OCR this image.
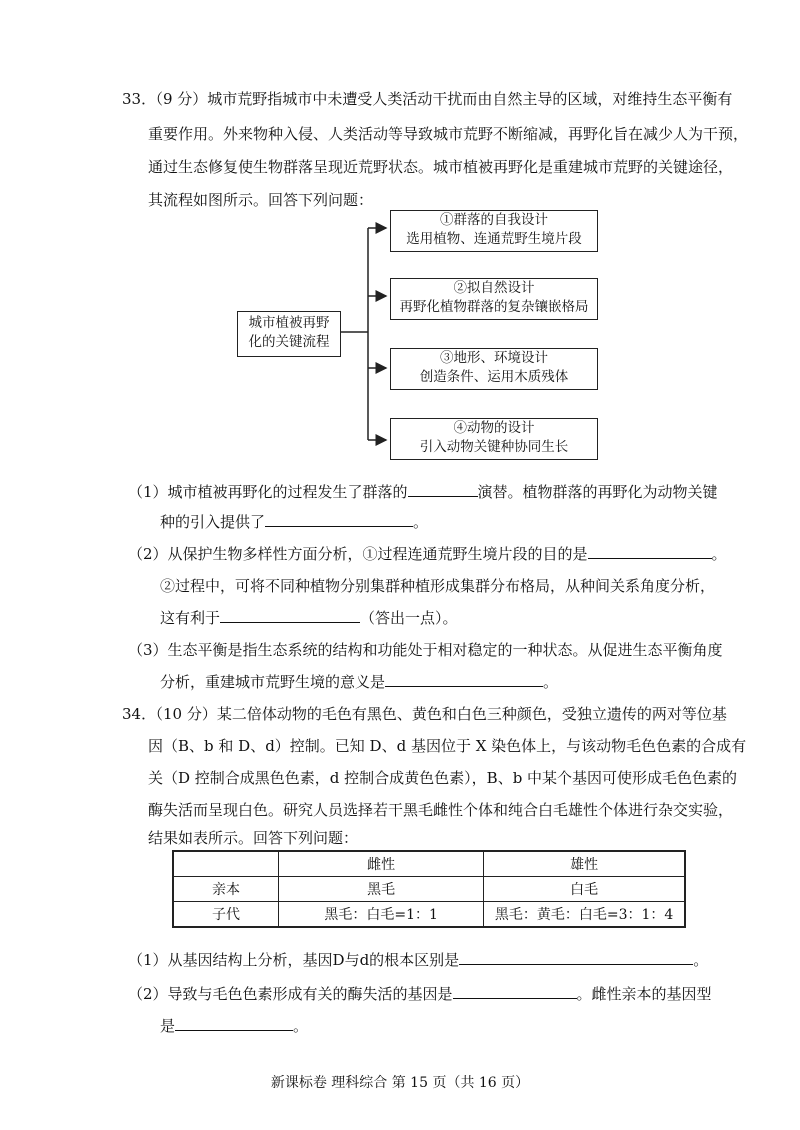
33．
（9 分）城市荒野指城市中未遭受人类活动干扰而由自然主导的区域，对维持生态平衡有
重要作用。外来物种入侵、人类活动等导致城市荒野不断缩减，再野化旨在减少人为干预，
通过生态修复使生物群落呈现近荒野状态。城市植被再野化是重建城市荒野的关键途径，
其流程如图所示。回答下列问题：
城市植被再野
化的关键流程
①群落的自我设计
选用植物、连通荒野生境片段
②拟自然设计
再野化植物群落的复杂镶嵌格局
③地形、环境设计
创造条件、运用木质残体
④动物的设计
引入动物关键种协同生长
（1）城市植被再野化的过程发生了群落的	演替。植物群落的再野化为动物关键
种的引入提供了	。
（2）从保护生物多样性方面分析，①过程连通荒野生境片段的目的是	。
②过程中，可将不同种植物分别集群种植形成集群分布格局，从种间关系角度分析，
这有利于	（答出一点）。
（3）生态平衡是指生态系统的结构和功能处于相对稳定的一种状态。从促进生态平衡角度
分析，重建城市荒野生境的意义是	。
34．
（10 分）某二倍体动物的毛色有黑色、黄色和白色三种颜色，受独立遗传的两对等位基
因（B、b 和 D、d）控制。已知 D、d 基因位于 X 染色体上，与该动物毛色色素的合成有
关（D 控制合成黑色色素，d 控制合成黄色色素），B、b 中某个基因可使形成毛色色素的
酶失活而呈现白色。研究人员选择若干黑毛雌性个体和纯合白毛雄性个体进行杂交实验，
结果如表所示。回答下列问题：
	雌性	雄性
亲本	黑毛	白毛
子代	黑毛：白毛=1：1	黑毛：黄毛：白毛=3：1：4
（1）从基因结构上分析，基因D与d的根本区别是	。
（2）导致与毛色色素形成有关的酶失活的基因是	。雌性亲本的基因型
是	。
新课标卷 理科综合 第 15 页（共 16 页）
